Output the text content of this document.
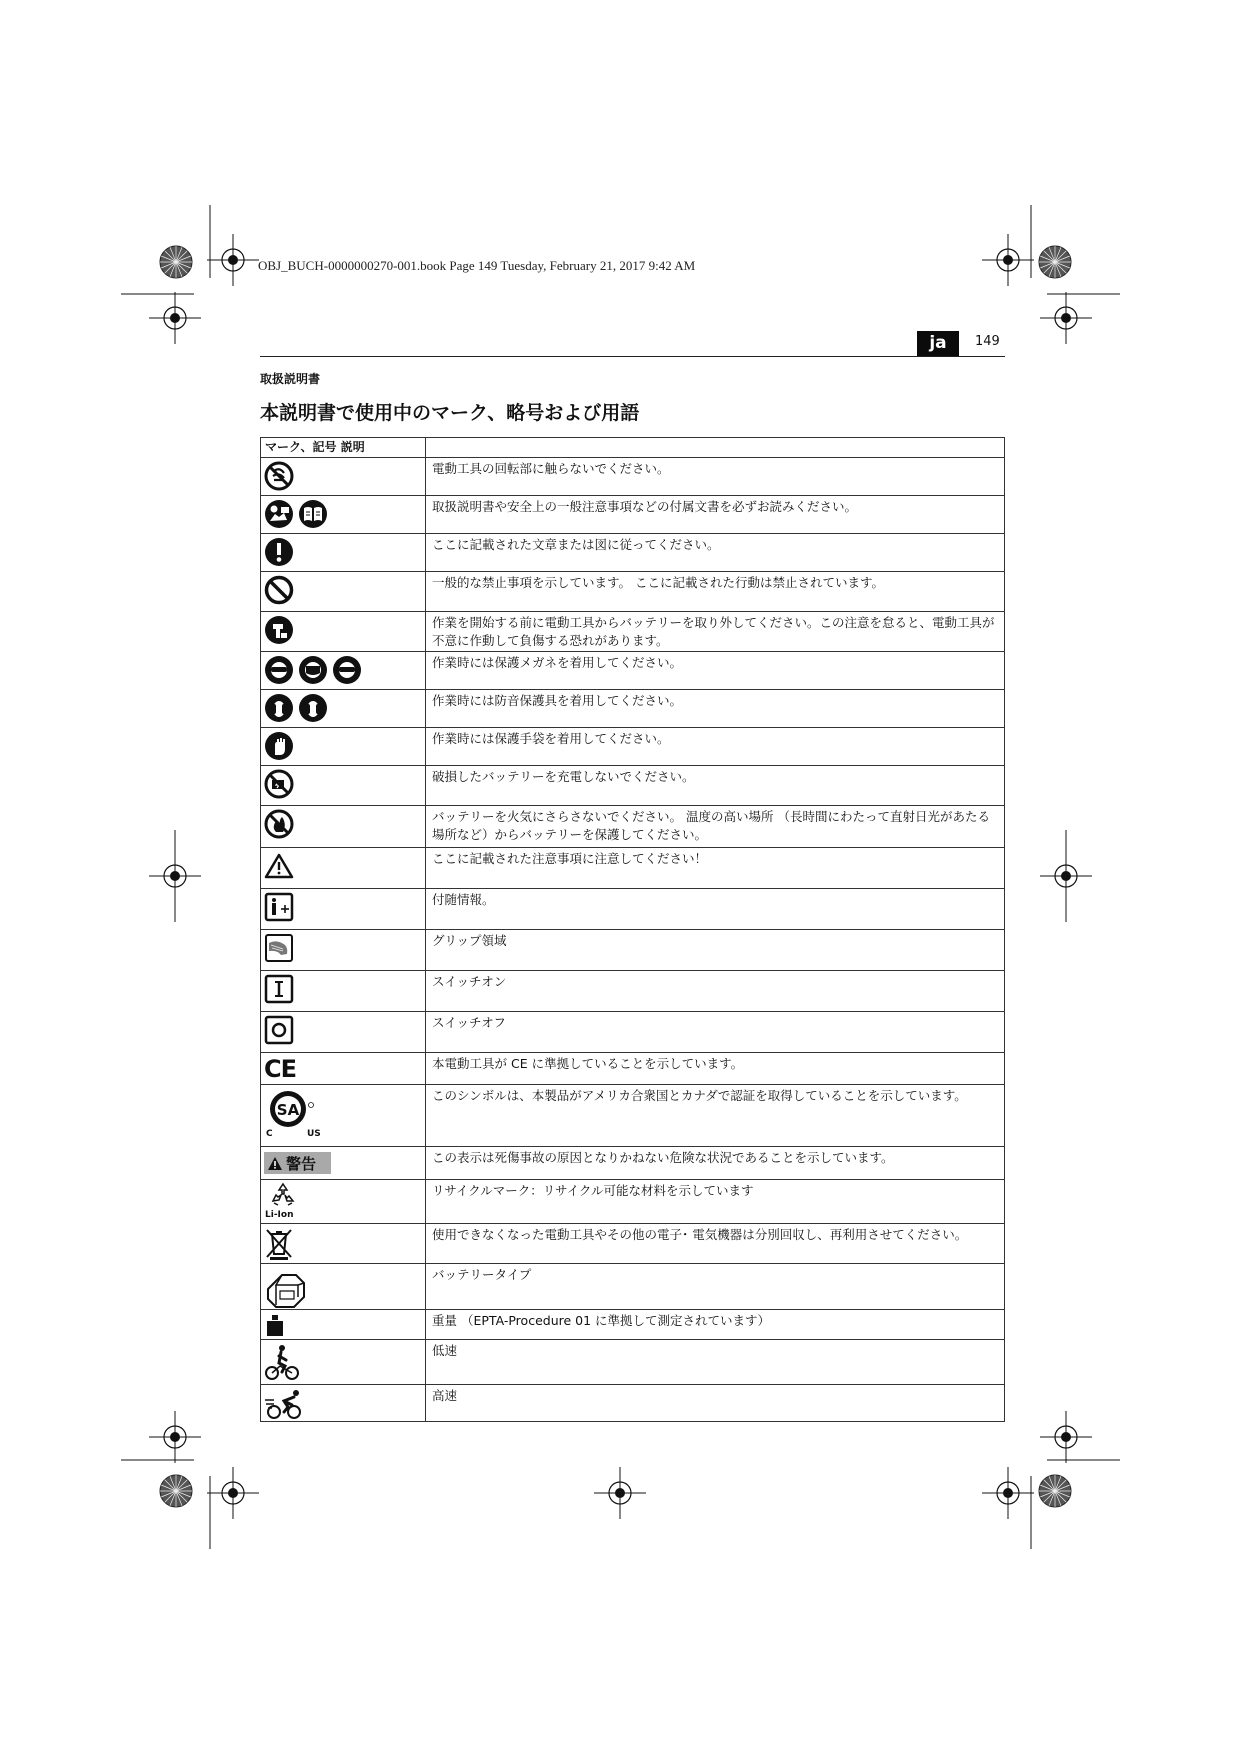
OBJ_BUCH-0000000270-001.book Page 149 Tuesday, February 21, 2017 9:42 AM
ja	149
取扱説明書
本説明書で使用中のマーク、略号および用語
マーク、記号 説明	

	電動工具の回転部に触らないでください。

	取扱説明書や安全上の一般注意事項などの付属文書を必ずお読みください。

	ここに記載された文章または図に従ってください。

	一般的な禁止事項を示しています。 ここに記載された行動は禁止されています。

	作業を開始する前に電動工具からバッテリーを取り外してください。この注意を怠ると、電動工具が不意に作動して負傷する恐れがあります。

	作業時には保護メガネを着用してください。

	作業時には防音保護具を着用してください。

	作業時には保護手袋を着用してください。

	破損したバッテリーを充電しないでください。

	バッテリーを火気にさらさないでください。 温度の高い場所 （長時間にわたって直射日光があたる場所など）からバッテリーを保護してください。

	ここに記載された注意事項に注意してください！

	付随情報。

	グリップ領域

	スイッチオン

	スイッチオフ

CE	本電動工具が CE に準拠していることを示しています。

SA
C US	このシンボルは、本製品がアメリカ合衆国とカナダで認証を取得していることを示しています。

警告	この表示は死傷事故の原因となりかねない危険な状況であることを示しています。

Li-Ion	リサイクルマーク：リサイクル可能な材料を示しています

	使用できなくなった電動工具やその他の電子･ 電気機器は分別回収し、再利用させてください。

	バッテリータイプ

	重量 （EPTA-Procedure 01 に準拠して測定されています）

	低速

	高速
